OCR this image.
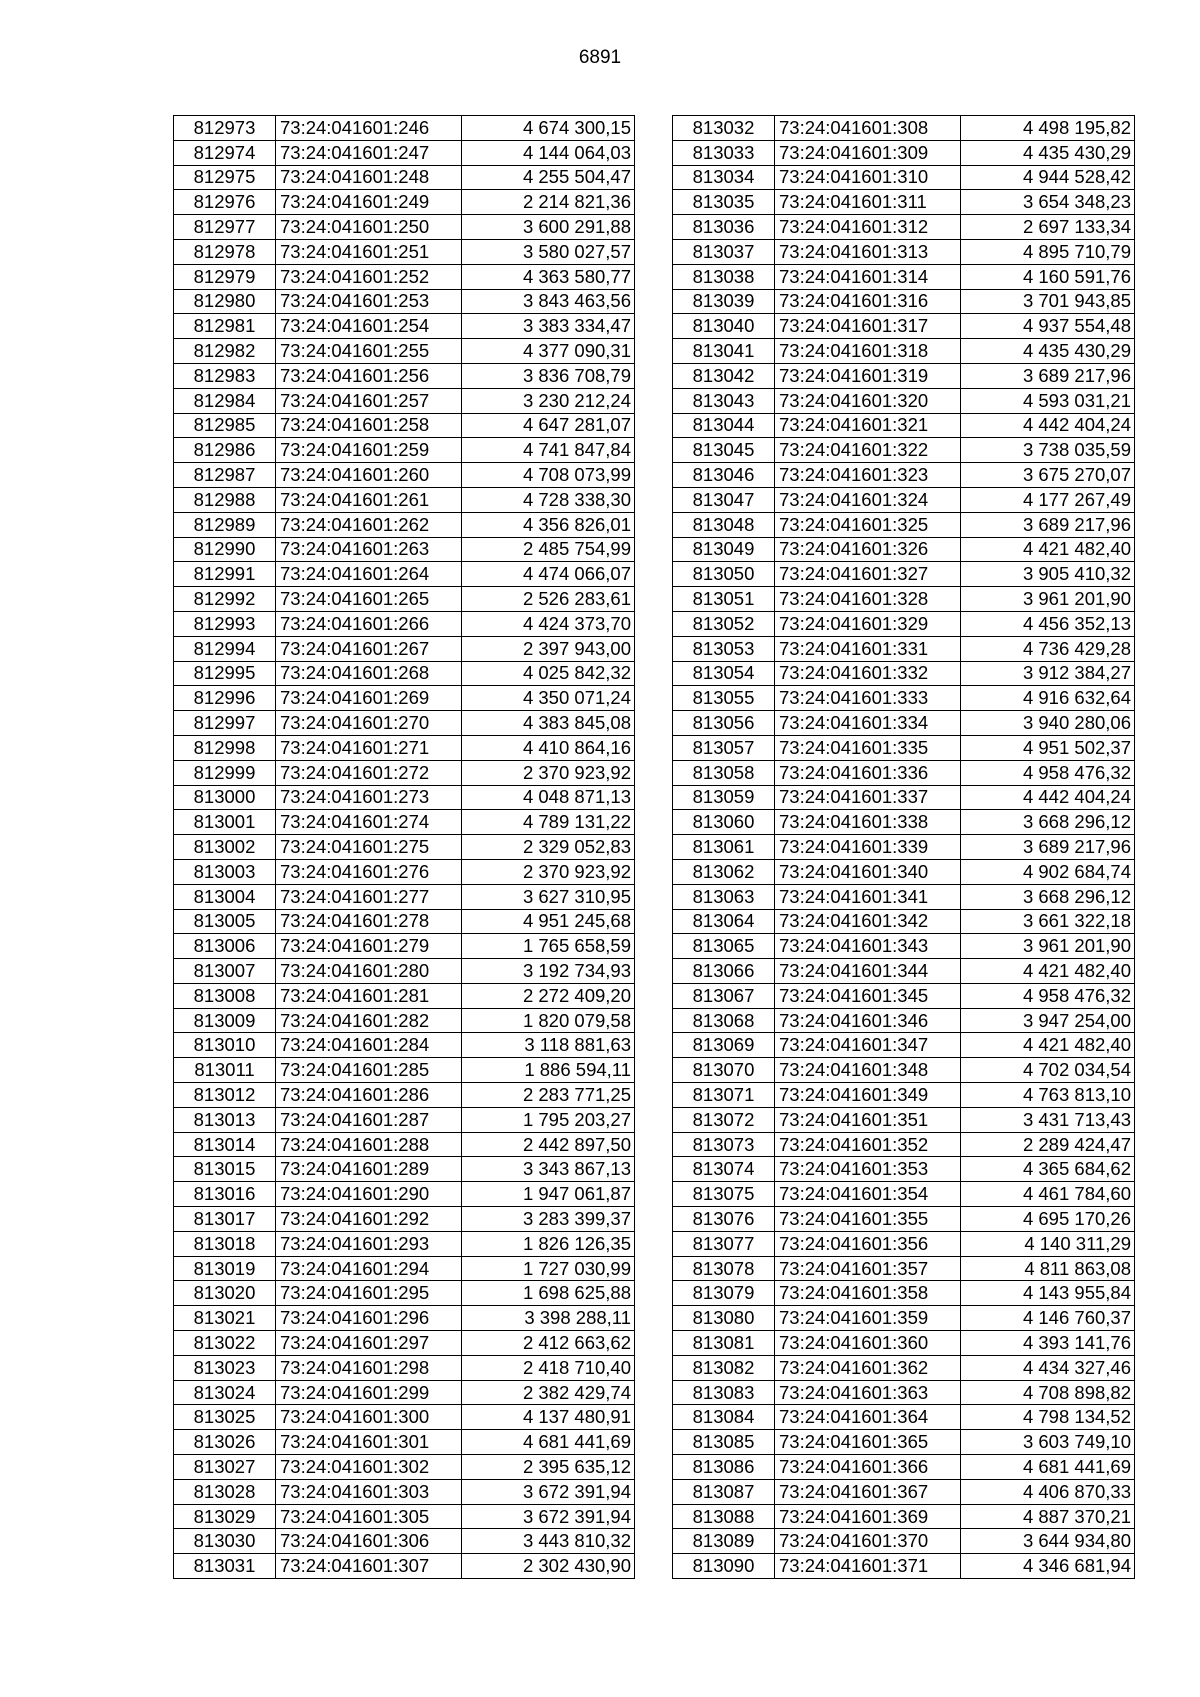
6891
812973	73:24:041601:246	4 674 300,15
812974	73:24:041601:247	4 144 064,03
812975	73:24:041601:248	4 255 504,47
812976	73:24:041601:249	2 214 821,36
812977	73:24:041601:250	3 600 291,88
812978	73:24:041601:251	3 580 027,57
812979	73:24:041601:252	4 363 580,77
812980	73:24:041601:253	3 843 463,56
812981	73:24:041601:254	3 383 334,47
812982	73:24:041601:255	4 377 090,31
812983	73:24:041601:256	3 836 708,79
812984	73:24:041601:257	3 230 212,24
812985	73:24:041601:258	4 647 281,07
812986	73:24:041601:259	4 741 847,84
812987	73:24:041601:260	4 708 073,99
812988	73:24:041601:261	4 728 338,30
812989	73:24:041601:262	4 356 826,01
812990	73:24:041601:263	2 485 754,99
812991	73:24:041601:264	4 474 066,07
812992	73:24:041601:265	2 526 283,61
812993	73:24:041601:266	4 424 373,70
812994	73:24:041601:267	2 397 943,00
812995	73:24:041601:268	4 025 842,32
812996	73:24:041601:269	4 350 071,24
812997	73:24:041601:270	4 383 845,08
812998	73:24:041601:271	4 410 864,16
812999	73:24:041601:272	2 370 923,92
813000	73:24:041601:273	4 048 871,13
813001	73:24:041601:274	4 789 131,22
813002	73:24:041601:275	2 329 052,83
813003	73:24:041601:276	2 370 923,92
813004	73:24:041601:277	3 627 310,95
813005	73:24:041601:278	4 951 245,68
813006	73:24:041601:279	1 765 658,59
813007	73:24:041601:280	3 192 734,93
813008	73:24:041601:281	2 272 409,20
813009	73:24:041601:282	1 820 079,58
813010	73:24:041601:284	3 118 881,63
813011	73:24:041601:285	1 886 594,11
813012	73:24:041601:286	2 283 771,25
813013	73:24:041601:287	1 795 203,27
813014	73:24:041601:288	2 442 897,50
813015	73:24:041601:289	3 343 867,13
813016	73:24:041601:290	1 947 061,87
813017	73:24:041601:292	3 283 399,37
813018	73:24:041601:293	1 826 126,35
813019	73:24:041601:294	1 727 030,99
813020	73:24:041601:295	1 698 625,88
813021	73:24:041601:296	3 398 288,11
813022	73:24:041601:297	2 412 663,62
813023	73:24:041601:298	2 418 710,40
813024	73:24:041601:299	2 382 429,74
813025	73:24:041601:300	4 137 480,91
813026	73:24:041601:301	4 681 441,69
813027	73:24:041601:302	2 395 635,12
813028	73:24:041601:303	3 672 391,94
813029	73:24:041601:305	3 672 391,94
813030	73:24:041601:306	3 443 810,32
813031	73:24:041601:307	2 302 430,90
813032	73:24:041601:308	4 498 195,82
813033	73:24:041601:309	4 435 430,29
813034	73:24:041601:310	4 944 528,42
813035	73:24:041601:311	3 654 348,23
813036	73:24:041601:312	2 697 133,34
813037	73:24:041601:313	4 895 710,79
813038	73:24:041601:314	4 160 591,76
813039	73:24:041601:316	3 701 943,85
813040	73:24:041601:317	4 937 554,48
813041	73:24:041601:318	4 435 430,29
813042	73:24:041601:319	3 689 217,96
813043	73:24:041601:320	4 593 031,21
813044	73:24:041601:321	4 442 404,24
813045	73:24:041601:322	3 738 035,59
813046	73:24:041601:323	3 675 270,07
813047	73:24:041601:324	4 177 267,49
813048	73:24:041601:325	3 689 217,96
813049	73:24:041601:326	4 421 482,40
813050	73:24:041601:327	3 905 410,32
813051	73:24:041601:328	3 961 201,90
813052	73:24:041601:329	4 456 352,13
813053	73:24:041601:331	4 736 429,28
813054	73:24:041601:332	3 912 384,27
813055	73:24:041601:333	4 916 632,64
813056	73:24:041601:334	3 940 280,06
813057	73:24:041601:335	4 951 502,37
813058	73:24:041601:336	4 958 476,32
813059	73:24:041601:337	4 442 404,24
813060	73:24:041601:338	3 668 296,12
813061	73:24:041601:339	3 689 217,96
813062	73:24:041601:340	4 902 684,74
813063	73:24:041601:341	3 668 296,12
813064	73:24:041601:342	3 661 322,18
813065	73:24:041601:343	3 961 201,90
813066	73:24:041601:344	4 421 482,40
813067	73:24:041601:345	4 958 476,32
813068	73:24:041601:346	3 947 254,00
813069	73:24:041601:347	4 421 482,40
813070	73:24:041601:348	4 702 034,54
813071	73:24:041601:349	4 763 813,10
813072	73:24:041601:351	3 431 713,43
813073	73:24:041601:352	2 289 424,47
813074	73:24:041601:353	4 365 684,62
813075	73:24:041601:354	4 461 784,60
813076	73:24:041601:355	4 695 170,26
813077	73:24:041601:356	4 140 311,29
813078	73:24:041601:357	4 811 863,08
813079	73:24:041601:358	4 143 955,84
813080	73:24:041601:359	4 146 760,37
813081	73:24:041601:360	4 393 141,76
813082	73:24:041601:362	4 434 327,46
813083	73:24:041601:363	4 708 898,82
813084	73:24:041601:364	4 798 134,52
813085	73:24:041601:365	3 603 749,10
813086	73:24:041601:366	4 681 441,69
813087	73:24:041601:367	4 406 870,33
813088	73:24:041601:369	4 887 370,21
813089	73:24:041601:370	3 644 934,80
813090	73:24:041601:371	4 346 681,94
